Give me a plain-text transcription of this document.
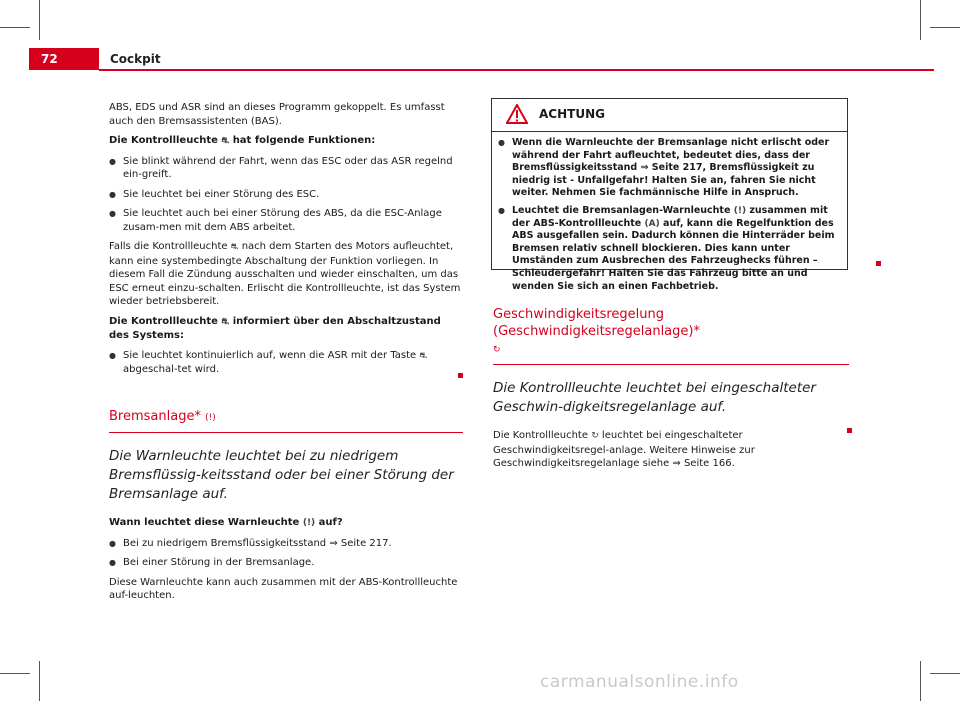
72	Cockpit

ABS, EDS und ASR sind an dieses Programm gekoppelt. Es umfasst auch den Bremsassistenten (BAS).

Die Kontrollleuchte ⛐ hat folgende Funktionen:

● Sie blinkt während der Fahrt, wenn das ESC oder das ASR regelnd ein-greift.

● Sie leuchtet bei einer Störung des ESC.

● Sie leuchtet auch bei einer Störung des ABS, da die ESC-Anlage zusam-men mit dem ABS arbeitet.

Falls die Kontrollleuchte ⛐ nach dem Starten des Motors aufleuchtet, kann eine systembedingte Abschaltung der Funktion vorliegen. In diesem Fall die Zündung ausschalten und wieder einschalten, um das ESC erneut einzu-schalten. Erlischt die Kontrollleuchte, ist das System wieder betriebsbereit.

Die Kontrollleuchte ⛐ informiert über den Abschaltzustand des Systems:

● Sie leuchtet kontinuierlich auf, wenn die ASR mit der Taste ⛐ abgeschal-tet wird.

Bremsanlage* (!)
Die Warnleuchte leuchtet bei zu niedrigem Bremsflüssig-keitsstand oder bei einer Störung der Bremsanlage auf.

Wann leuchtet diese Warnleuchte (!) auf?

● Bei zu niedrigem Bremsflüssigkeitsstand ⇒ Seite 217.

● Bei einer Störung in der Bremsanlage.

Diese Warnleuchte kann auch zusammen mit der ABS-Kontrollleuchte auf-leuchten.

ACHTUNG

● Wenn die Warnleuchte der Bremsanlage nicht erlischt oder während der Fahrt aufleuchtet, bedeutet dies, dass der Bremsflüssigkeitsstand ⇒ Seite 217, Bremsflüssigkeit zu niedrig ist - Unfallgefahr! Halten Sie an, fahren Sie nicht weiter. Nehmen Sie fachmännische Hilfe in Anspruch.

● Leuchtet die Bremsanlagen-Warnleuchte (!) zusammen mit der ABS-Kontrollleuchte (A) auf, kann die Regelfunktion des ABS ausgefallen sein. Dadurch können die Hinterräder beim Bremsen relativ schnell blockieren. Dies kann unter Umständen zum Ausbrechen des Fahrzeughecks führen – Schleudergefahr! Halten Sie das Fahrzeug bitte an und wenden Sie sich an einen Fachbetrieb.

Geschwindigkeitsregelung (Geschwindigkeitsregelanlage)*
↻
Die Kontrollleuchte leuchtet bei eingeschalteter Geschwin-digkeitsregelanlage auf.

Die Kontrollleuchte ↻ leuchtet bei eingeschalteter Geschwindigkeitsregel-anlage. Weitere Hinweise zur Geschwindigkeitsregelanlage siehe ⇒ Seite 166.

carmanualsonline.info
